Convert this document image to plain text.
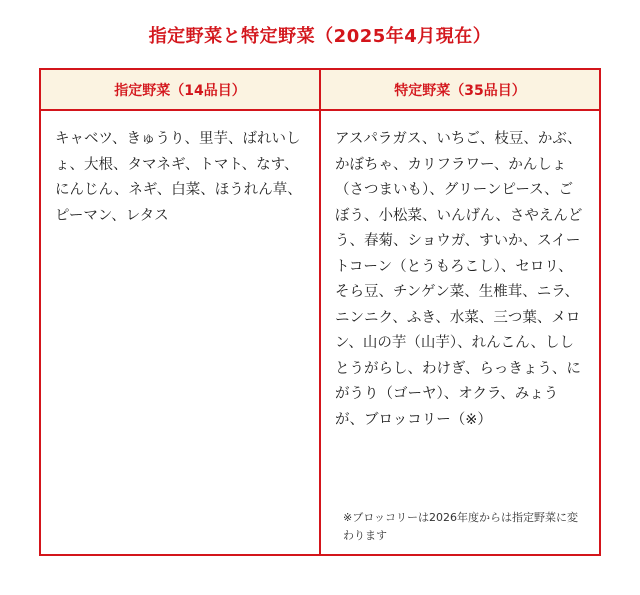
指定野菜と特定野菜（2025年4月現在）
指定野菜（14品目）
キャベツ、きゅうり、里芋、ばれいしょ、大根、タマネギ、トマト、なす、にんじん、ネギ、白菜、ほうれん草、ピーマン、レタス
特定野菜（35品目）
アスパラガス、いちご、枝豆、かぶ、かぼちゃ、カリフラワー、かんしょ（さつまいも）、グリーンピース、ごぼう、小松菜、いんげん、さやえんどう、春菊、ショウガ、すいか、スイートコーン（とうもろこし）、セロリ、そら豆、チンゲン菜、生椎茸、ニラ、ニンニク、ふき、水菜、三つ葉、メロン、山の芋（山芋）、れんこん、ししとうがらし、わけぎ、らっきょう、にがうり（ゴーヤ）、オクラ、みょうが、ブロッコリー（※）
※ブロッコリーは2026年度からは指定野菜に変わります
